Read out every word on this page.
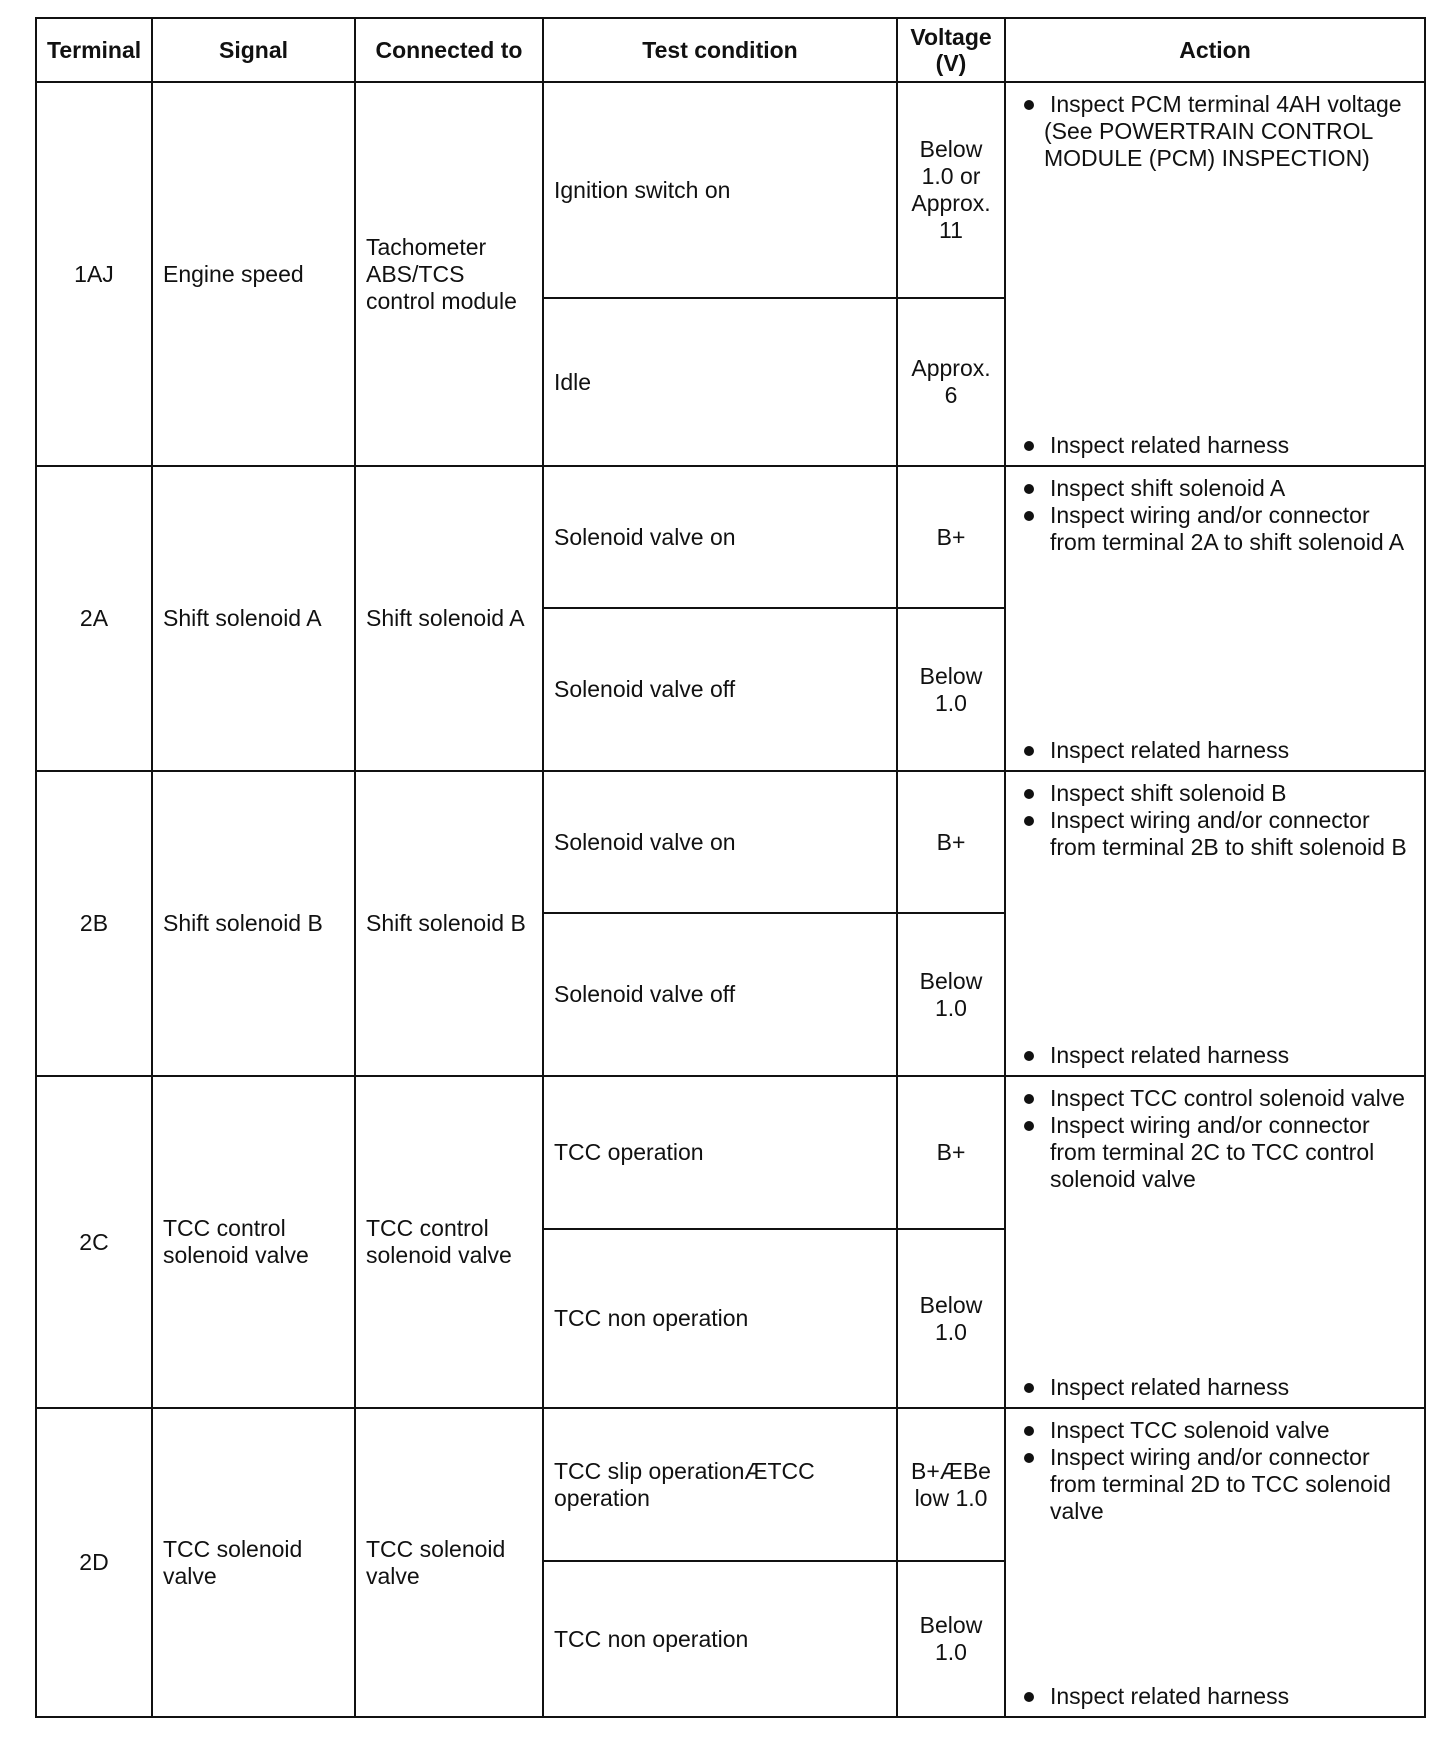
Terminal	Signal	Connected to	Test condition	Voltage (V)	Action
1AJ	Engine speed	Tachometer ABS/TCS control module	Ignition switch on	Below 1.0 or Approx. 11	Inspect PCM terminal 4AH voltage
(See POWERTRAIN CONTROL MODULE (PCM) INSPECTION)
Inspect related harness

			Idle	Approx. 6	
2A	Shift solenoid A	Shift solenoid A	Solenoid valve on	B+	Inspect shift solenoid A
Inspect wiring and/or connector from terminal 2A to shift solenoid A
Inspect related harness

			Solenoid valve off	Below 1.0	
2B	Shift solenoid B	Shift solenoid B	Solenoid valve on	B+	Inspect shift solenoid B
Inspect wiring and/or connector from terminal 2B to shift solenoid B
Inspect related harness

			Solenoid valve off	Below 1.0	
2C	TCC control solenoid valve	TCC control solenoid valve	TCC operation	B+	Inspect TCC control solenoid valve
Inspect wiring and/or connector from terminal 2C to TCC control solenoid valve
Inspect related harness

			TCC non operation	Below 1.0	
2D	TCC solenoid valve	TCC solenoid valve	TCC slip operationÆTCC operation	B+ÆBe low 1.0	Inspect TCC solenoid valve
Inspect wiring and/or connector from terminal 2D to TCC solenoid valve
Inspect related harness

			TCC non operation	Below 1.0	
